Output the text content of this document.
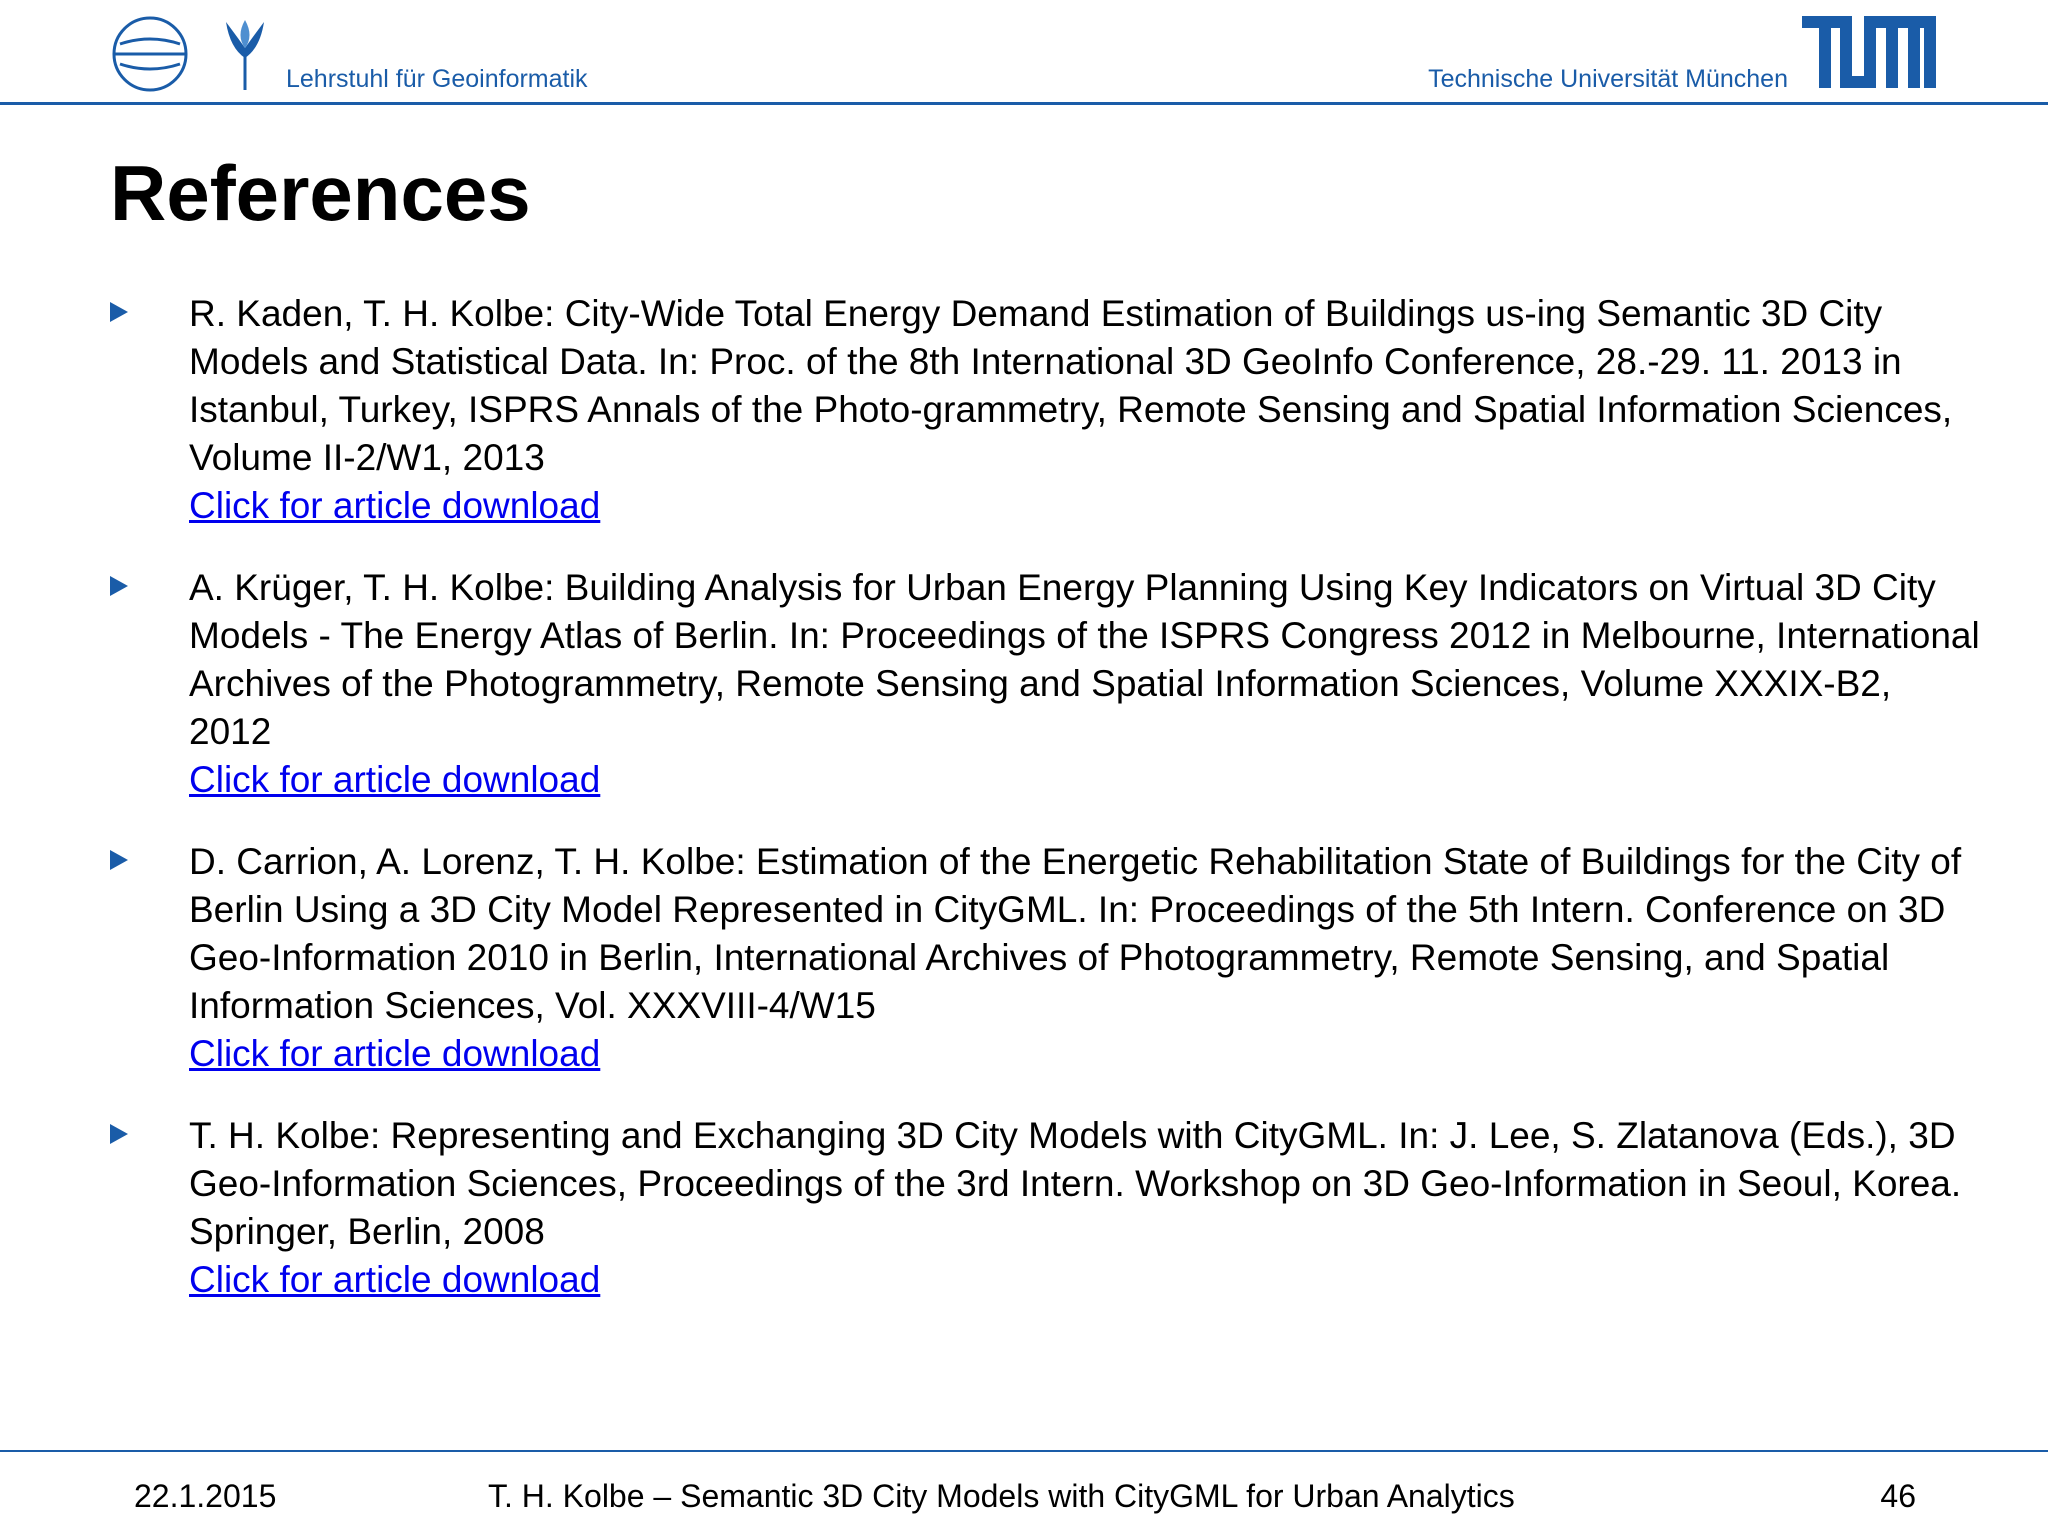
Lehrstuhl für Geoinformatik	Technische Universität München
References
R. Kaden, T. H. Kolbe: City-Wide Total Energy Demand Estimation of Buildings us-ing Semantic 3D City Models and Statistical Data. In: Proc. of the 8th International 3D GeoInfo Conference, 28.-29. 11. 2013 in Istanbul, Turkey, ISPRS Annals of the Photo-grammetry, Remote Sensing and Spatial Information Sciences, Volume II-2/W1, 2013
Click for article download
A. Krüger, T. H. Kolbe: Building Analysis for Urban Energy Planning Using Key Indicators on Virtual 3D City Models - The Energy Atlas of Berlin. In: Proceedings of the ISPRS Congress 2012 in Melbourne, International Archives of the Photogrammetry, Remote Sensing and Spatial Information Sciences, Volume XXXIX-B2, 2012
Click for article download
D. Carrion, A. Lorenz, T. H. Kolbe: Estimation of the Energetic Rehabilitation State of Buildings for the City of Berlin Using a 3D City Model Represented in CityGML. In: Proceedings of the 5th Intern. Conference on 3D Geo-Information 2010 in Berlin, International Archives of Photogrammetry, Remote Sensing, and Spatial Information Sciences, Vol. XXXVIII-4/W15
Click for article download
T. H. Kolbe: Representing and Exchanging 3D City Models with CityGML. In: J. Lee, S. Zlatanova (Eds.), 3D Geo-Information Sciences, Proceedings of the 3rd Intern. Workshop on 3D Geo-Information in Seoul, Korea. Springer, Berlin, 2008
Click for article download
22.1.2015	T. H. Kolbe – Semantic 3D City Models with CityGML for Urban Analytics	46
